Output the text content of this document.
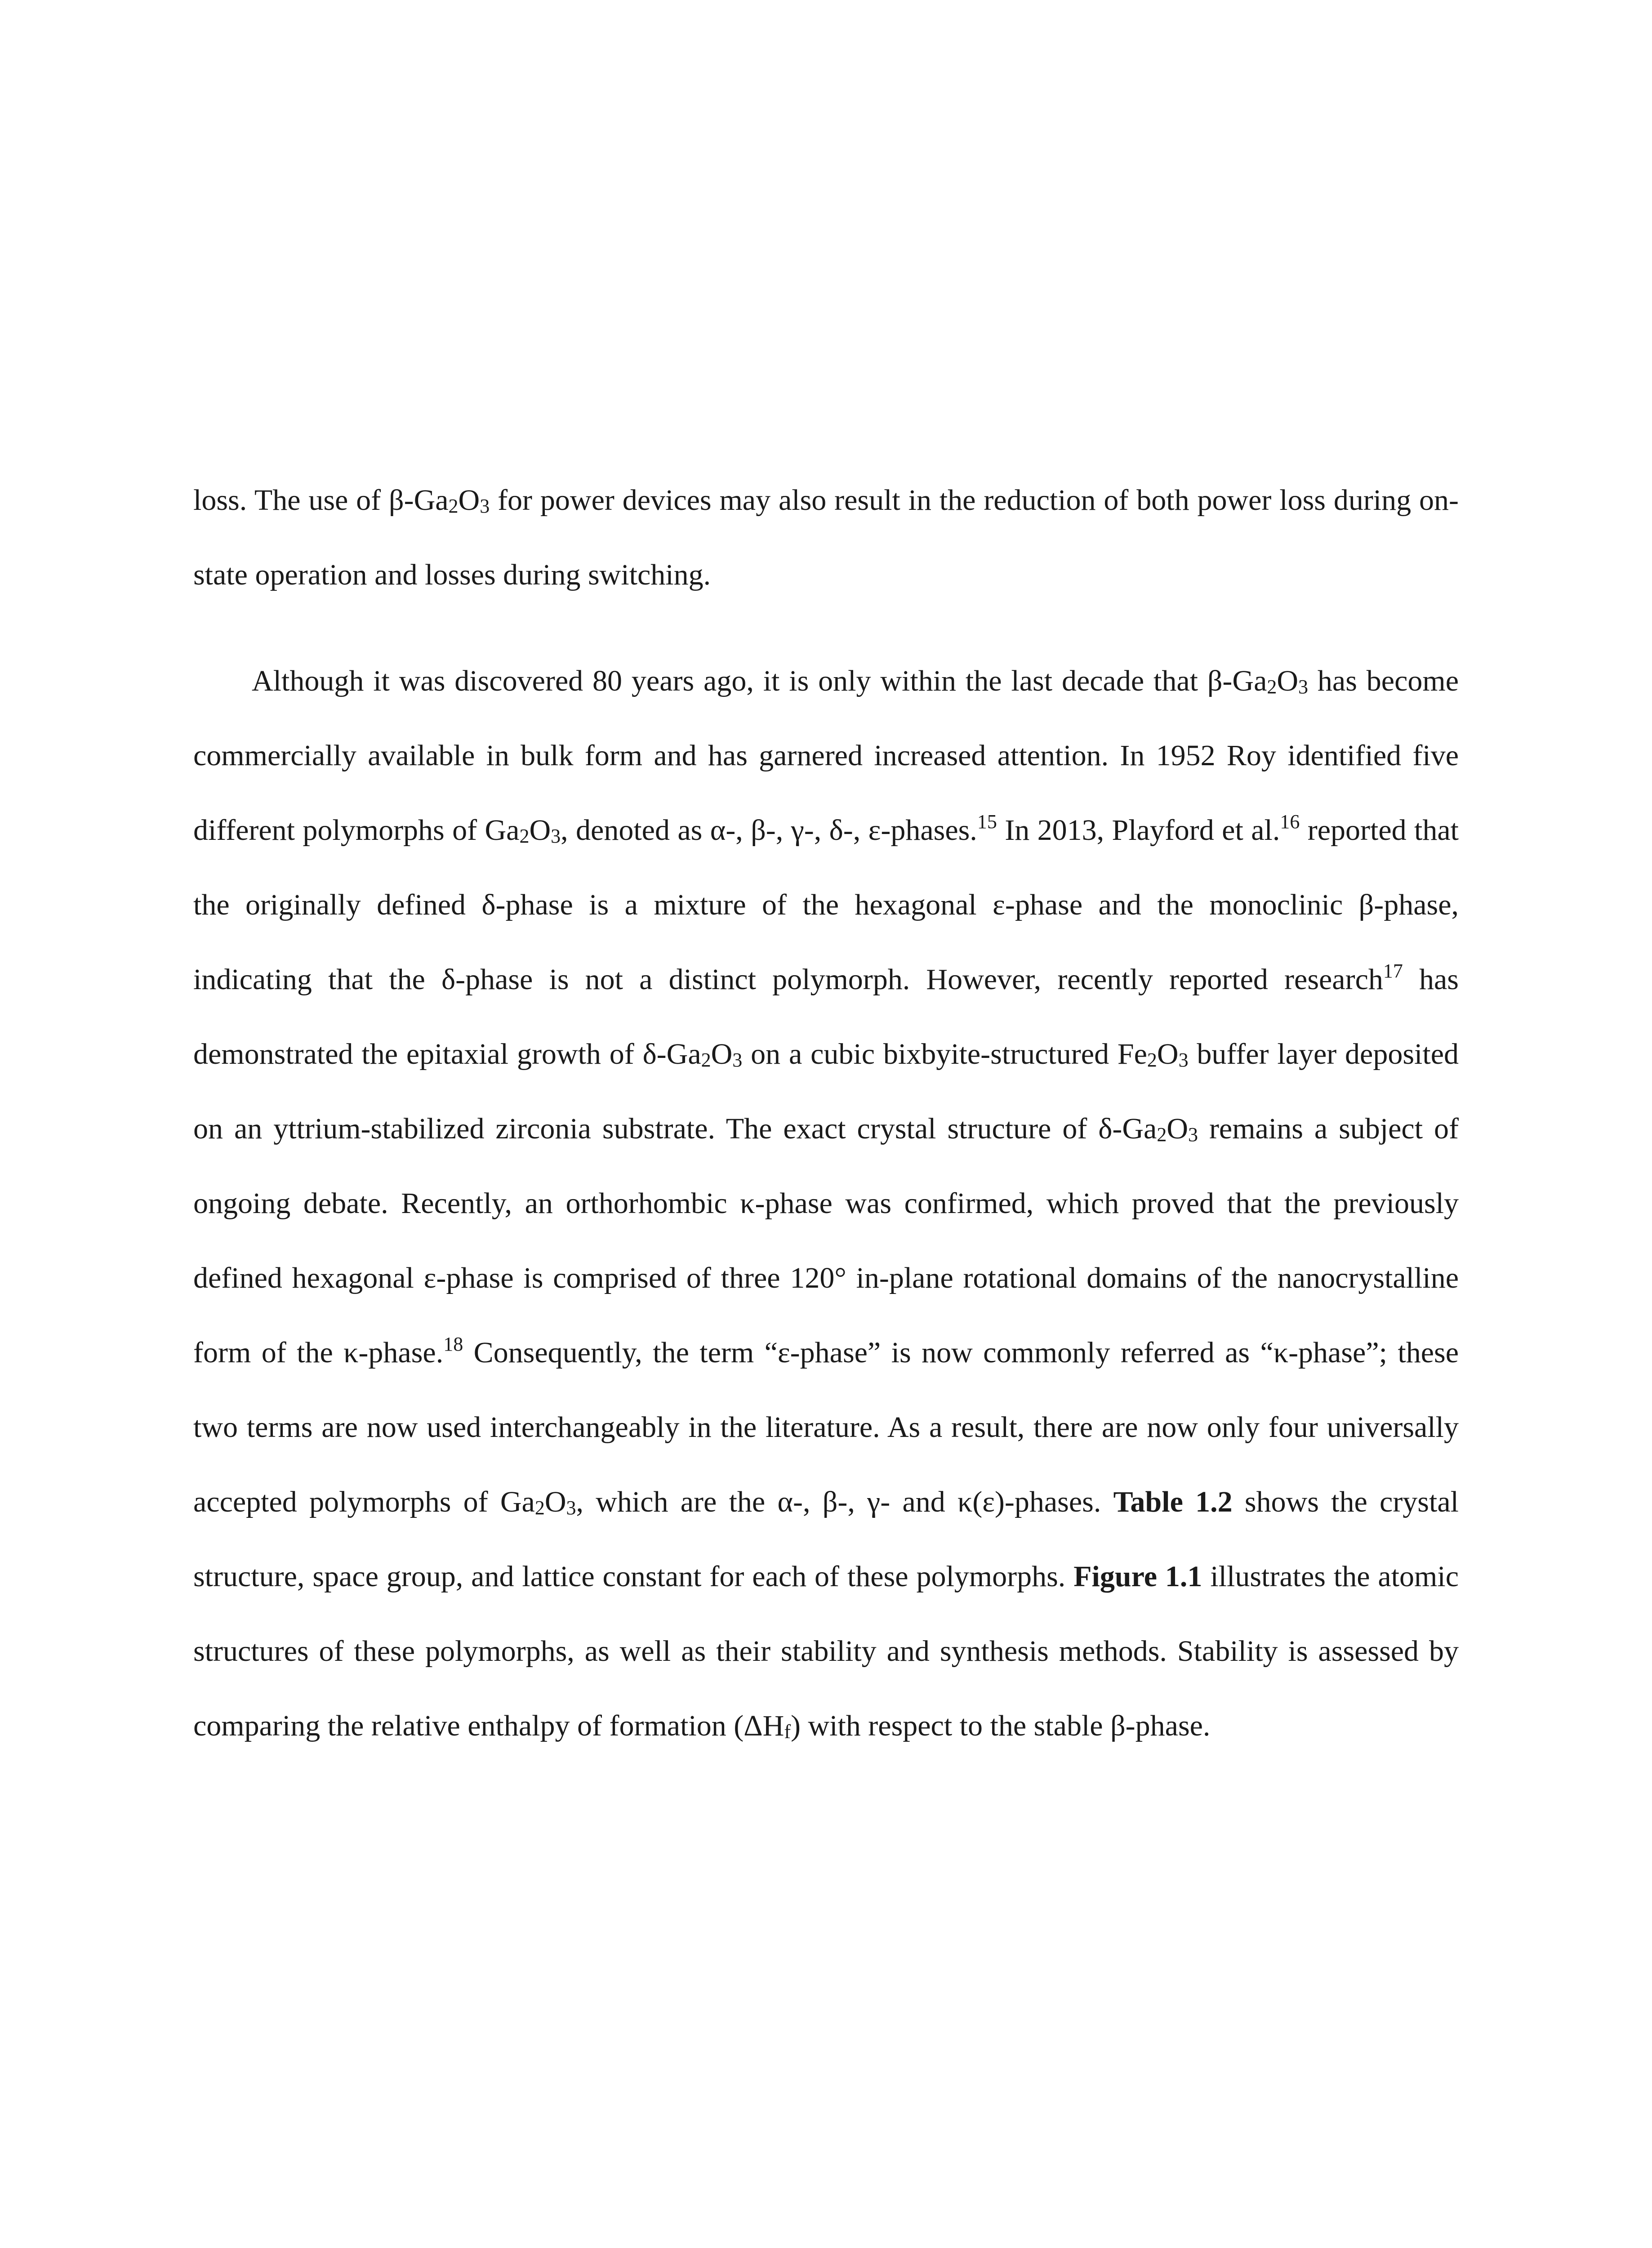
loss. The use of $\beta-Ga_2O_3$ for power devices may also result in the reduction of both power loss during on-state operation and losses during switching.

Although it was discovered 80 years ago, it is only within the last decade that $\beta-Ga_2O_3$ has become commercially available in bulk form and has garnered increased attention. In 1952 Roy identified five different polymorphs of $Ga_2O_3$, denoted as α-, β-, γ-, δ-, ε-phases.$^{15}$ In 2013, Playford et al.$^{16}$ reported that the originally defined δ-phase is a mixture of the hexagonal ε-phase and the monoclinic β-phase, indicating that the δ-phase is not a distinct polymorph. However, recently reported research$^{17}$ has demonstrated the epitaxial growth of $\delta-Ga_2O_3$ on a cubic bixbyite-structured $Fe_2O_3$ buffer layer deposited on an yttrium-stabilized zirconia substrate. The exact crystal structure of $\delta-Ga_2O_3$ remains a subject of ongoing debate. Recently, an orthorhombic κ-phase was confirmed, which proved that the previously defined hexagonal ε-phase is comprised of three 120° in-plane rotational domains of the nanocrystalline form of the κ-phase.$^{18}$ Consequently, the term “ε-phase” is now commonly referred as “κ-phase”; these two terms are now used interchangeably in the literature. As a result, there are now only four universally accepted polymorphs of $Ga_2O_3$, which are the α-, β-, γ- and κ(ε)-phases. Table 1.2 shows the crystal structure, space group, and lattice constant for each of these polymorphs. Figure 1.1 illustrates the atomic structures of these polymorphs, as well as their stability and synthesis methods. Stability is assessed by comparing the relative enthalpy of formation $(\Delta H_f)$ with respect to the stable β-phase.
